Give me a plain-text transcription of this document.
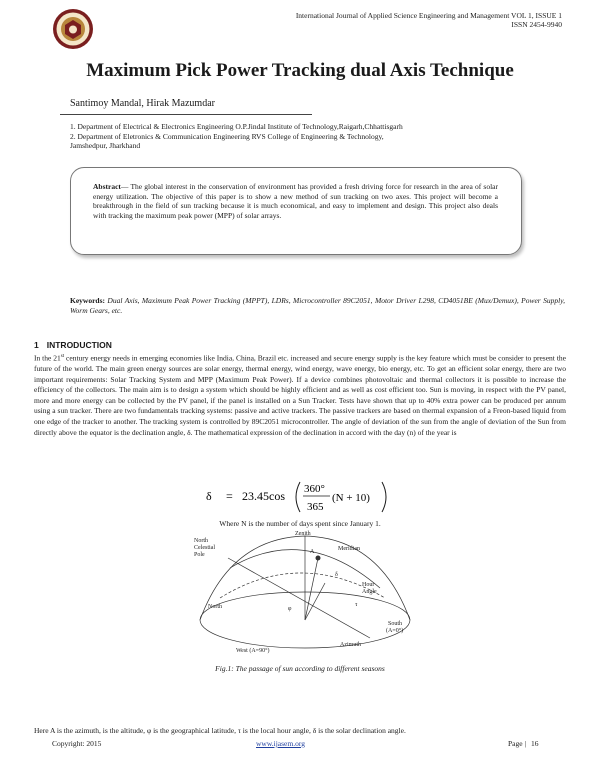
International Journal of Applied Science Engineering and Management VOL 1, ISSUE 1
ISSN 2454-9940
Maximum Pick Power Tracking dual Axis Technique
Santimoy Mandal, Hirak Mazumdar
1. Department of Electrical & Electronics Engineering O.P.Jindal Institute of Technology,Raigarh,Chhattisgarh
2. Department of Eletronics & Communication Engineering RVS College of Engineering & Technology,
Jamshedpur, Jharkhand
Abstract— The global interest in the conservation of environment has provided a fresh driving force for research in the area of solar energy utilization. The objective of this paper is to show a new method of sun tracking on two axes. This project will become a breakthrough in the field of sun tracking because it is much economical, and easy to implement and design. This project also deals with tracking the maximum peak power (MPP) of solar arrays.
Keywords: Dual Axis, Maximum Peak Power Tracking (MPPT), LDRs, Microcontroller 89C2051, Motor Driver L298, CD4051BE (Mux/Demux), Power Supply, Worm Gears, etc.
1 INTRODUCTION
In the 21st century energy needs in emerging economies like India, China, Brazil etc. increased and secure energy supply is the key feature which must be consider to present the future of the world. The main green energy sources are solar energy, thermal energy, wind energy, wave energy, bio energy, etc. To get an efficient solar energy, there are two important requirements: Solar Tracking System and MPP (Maximum Peak Power). If a device combines photovoltaic and thermal collectors it is possible to increase the efficiency of the collectors. The main aim is to design a system which should be highly efficient and as well as cost efficient too. Sun is moving, in respect with the PV panel, more and more energy can be collected by the PV panel, if the panel is installed on a Sun Tracker. Tests have shown that up to 40% extra power can be produced per annum using a sun tracker. There are two fundamentals tracking systems: passive and active trackers. The passive trackers are based on thermal expansion of a Freon-based liquid from one edge of the tracker to another. The tracking system is controlled by 89C2051 microcontroller. The angle of deviation of the sun from the angle of deviation of the Sun from directly above the equator is the declination angle, δ. The mathematical expression of the declination in accord with the day (n) of the year is
δ = 23.45cos 360°
365
(N + 10)
Where N is the number of days spent since January 1.
Zenith
North
Celestial
Pole
Meridian
North
Hour
Angle
South
(A=0°)
West (A=90°)
Azimuth
A
δ
φ
τ
Fig.1: The passage of sun according to different seasons
Here A is the azimuth, is the altitude, φ is the geographical latitude, τ is the local hour angle, δ is the solar declination angle.
Copyright: 2015	www.ijasem.org	Page | 16
